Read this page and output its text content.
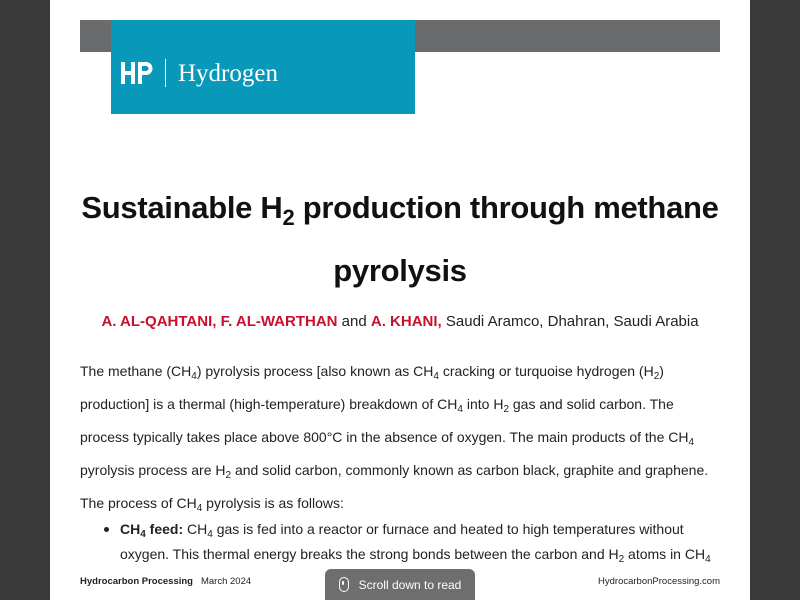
Hydrogen
Sustainable $H_2$ production through methane pyrolysis
A. AL-QAHTANI, F. AL-WARTHAN and A. KHANI, Saudi Aramco, Dhahran, Saudi Arabia
The methane $(CH_4)$ pyrolysis process [also known as $CH_4$ cracking or turquoise hydrogen $(H_2)$ production] is a thermal (high-temperature) breakdown of $CH_4$ into $H_2$ gas and solid carbon. The process typically takes place above 800°C in the absence of oxygen. The main products of the $CH_4$ pyrolysis process are $H_2$ and solid carbon, commonly known as carbon black, graphite and graphene. The process of $CH_4$ pyrolysis is as follows:
$CH_4$ feed: $CH_4$ gas is fed into a reactor or furnace and heated to high temperatures without oxygen. This thermal energy breaks the strong bonds between the carbon and $H_2$ atoms in $CH_4$
Hydrocarbon Processing March 2024	HydrocarbonProcessing.com
Scroll down to read
